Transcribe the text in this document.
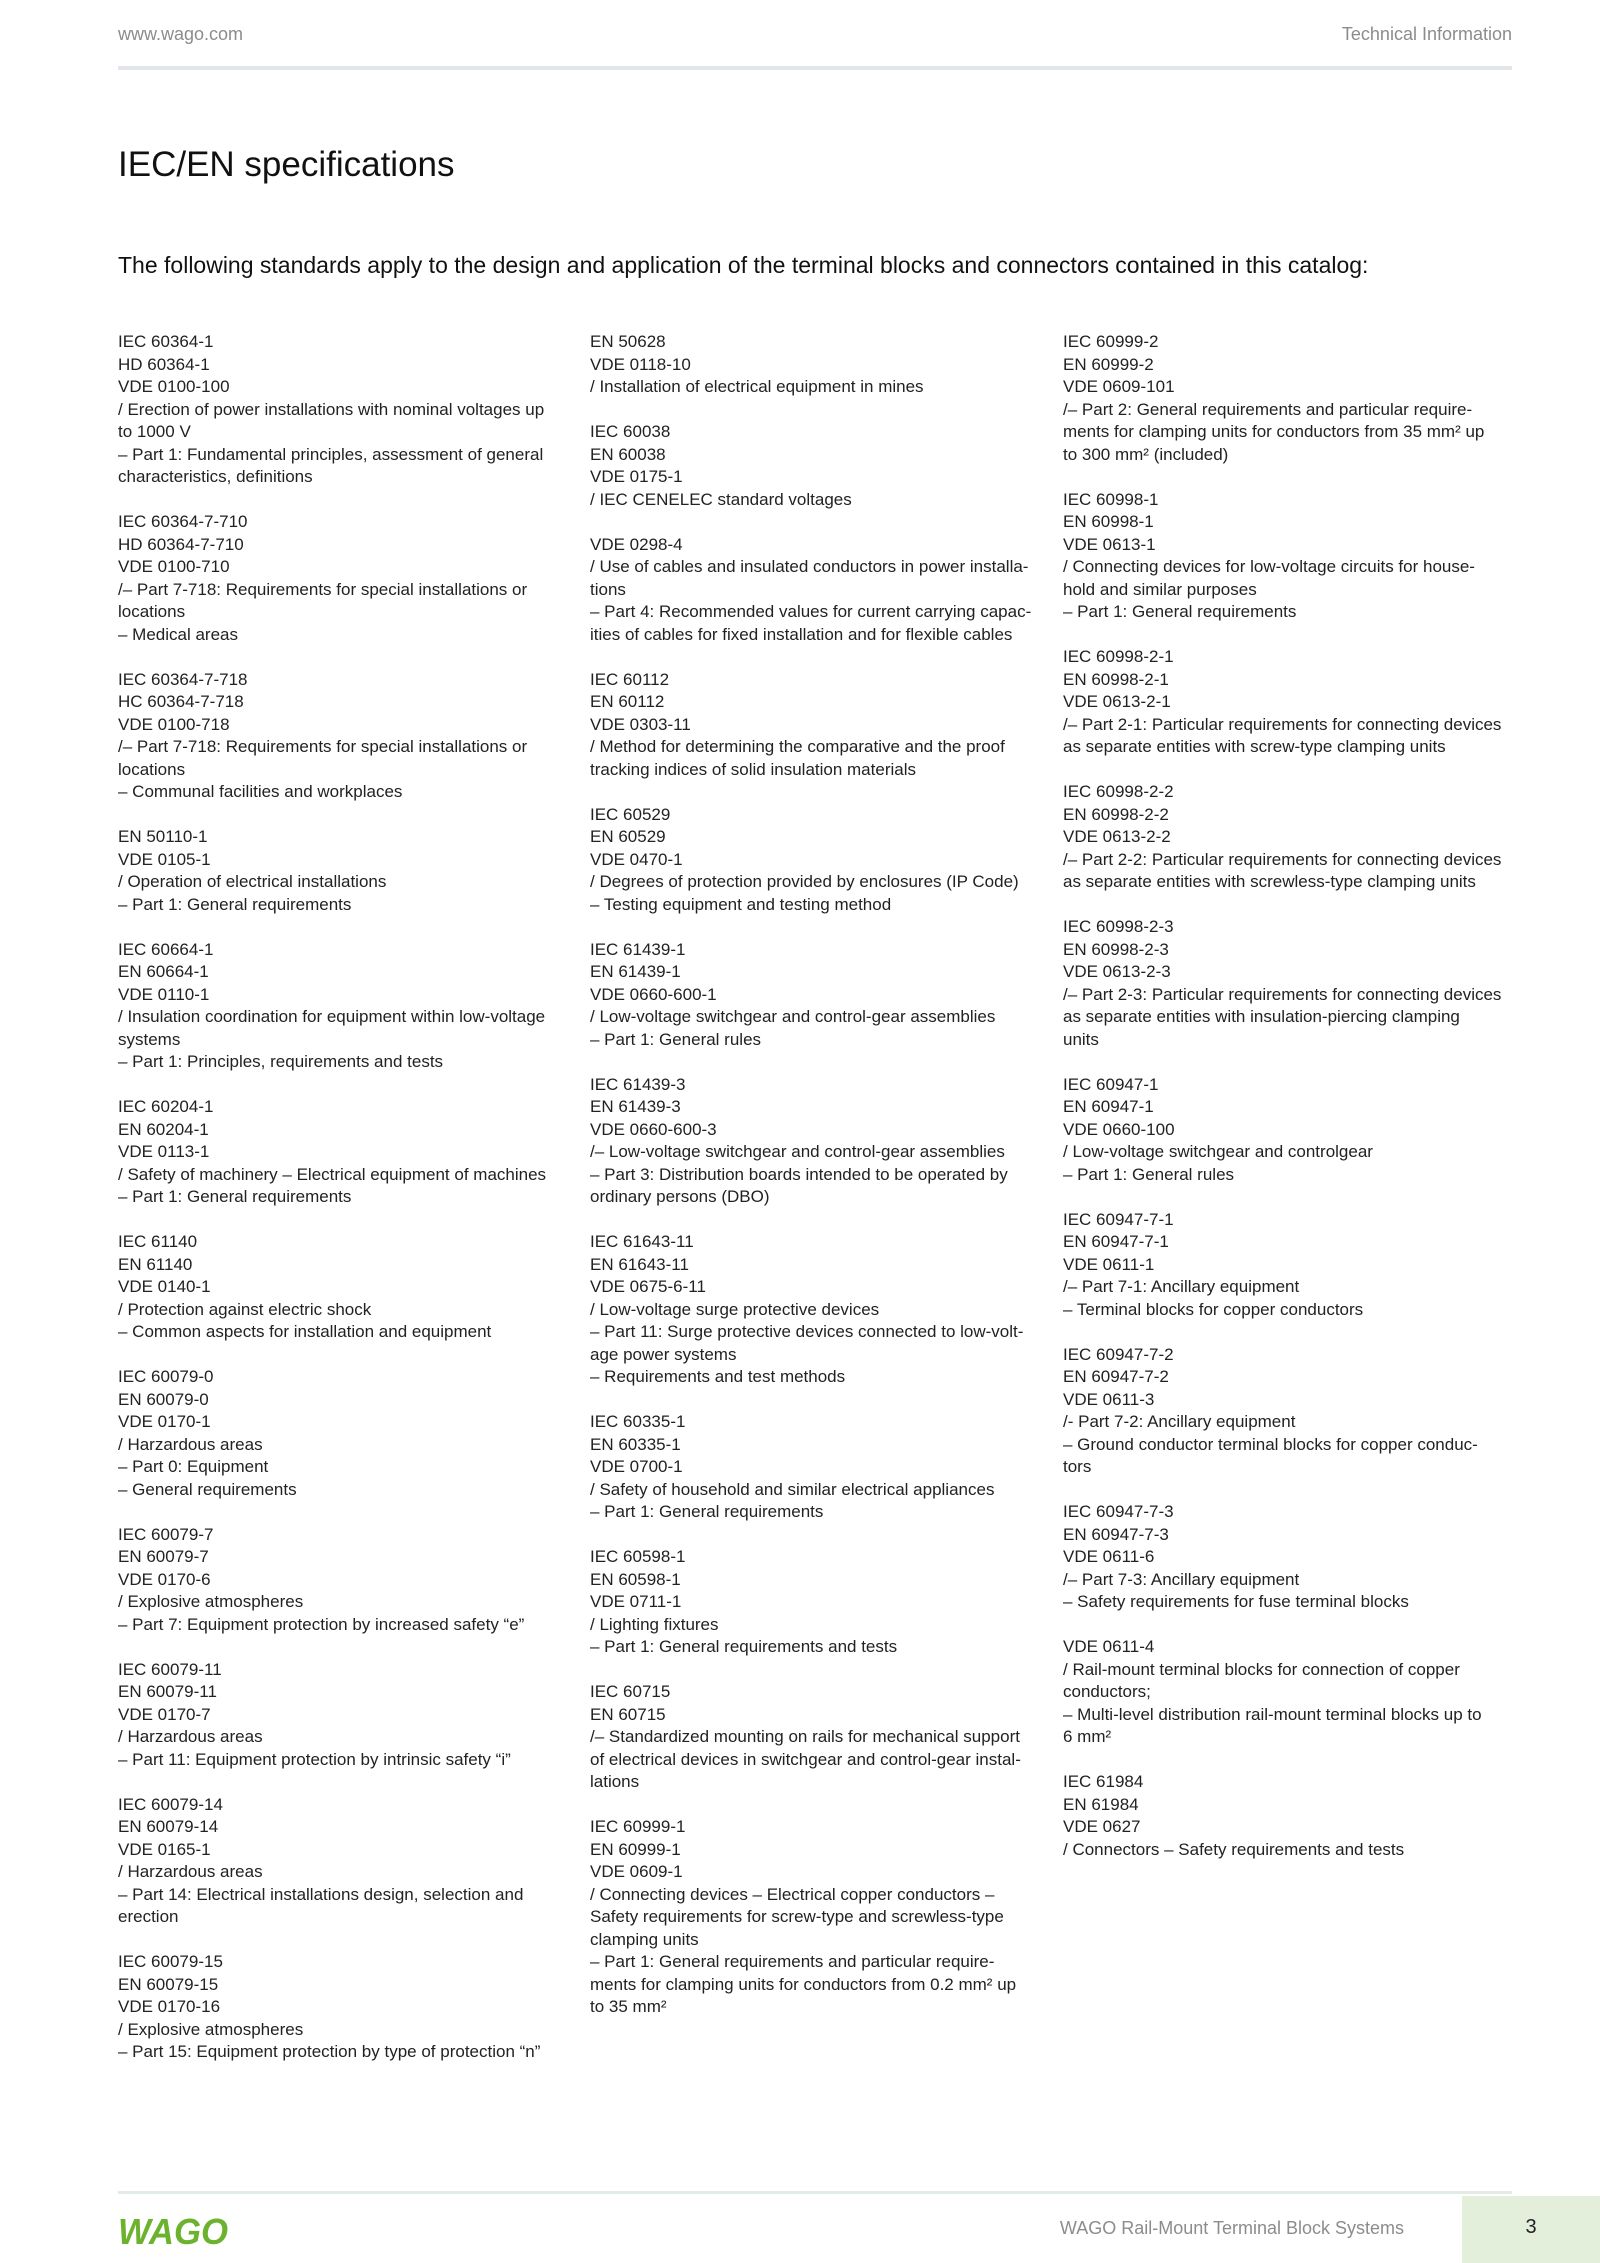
www.wago.com	Technical Information
IEC/EN specifications

The following standards apply to the design and application of the terminal blocks and connectors contained in this catalog:

IEC 60364-1
HD 60364-1
VDE 0100-100
/ Erection of power installations with nominal voltages up
to 1000 V
– Part 1: Fundamental principles, assessment of general
characteristics, definitions
IEC 60364-7-710
HD 60364-7-710
VDE 0100-710
/– Part 7-718: Requirements for special installations or
locations
– Medical areas
IEC 60364-7-718
HC 60364-7-718
VDE 0100-718
/– Part 7-718: Requirements for special installations or
locations
– Communal facilities and workplaces
EN 50110-1
VDE 0105-1
/ Operation of electrical installations
– Part 1: General requirements
IEC 60664-1
EN 60664-1
VDE 0110-1
/ Insulation coordination for equipment within low-voltage
systems
– Part 1: Principles, requirements and tests
IEC 60204-1
EN 60204-1
VDE 0113-1
/ Safety of machinery – Electrical equipment of machines
– Part 1: General requirements
IEC 61140
EN 61140
VDE 0140-1
/ Protection against electric shock
– Common aspects for installation and equipment
IEC 60079-0
EN 60079-0
VDE 0170-1
/ Harzardous areas
– Part 0: Equipment
– General requirements
IEC 60079-7
EN 60079-7
VDE 0170-6
/ Explosive atmospheres
– Part 7: Equipment protection by increased safety “e”
IEC 60079-11
EN 60079-11
VDE 0170-7
/ Harzardous areas
– Part 11: Equipment protection by intrinsic safety “i”
IEC 60079-14
EN 60079-14
VDE 0165-1
/ Harzardous areas
– Part 14: Electrical installations design, selection and
erection
IEC 60079-15
EN 60079-15
VDE 0170-16
/ Explosive atmospheres
– Part 15: Equipment protection by type of protection “n”
EN 50628
VDE 0118-10
/ Installation of electrical equipment in mines
IEC 60038
EN 60038
VDE 0175-1
/ IEC CENELEC standard voltages
VDE 0298-4
/ Use of cables and insulated conductors in power installa-
tions
– Part 4: Recommended values for current carrying capac-
ities of cables for fixed installation and for flexible cables
IEC 60112
EN 60112
VDE 0303-11
/ Method for determining the comparative and the proof
tracking indices of solid insulation materials
IEC 60529
EN 60529
VDE 0470-1
/ Degrees of protection provided by enclosures (IP Code)
– Testing equipment and testing method
IEC 61439-1
EN 61439-1
VDE 0660-600-1
/ Low-voltage switchgear and control-gear assemblies
– Part 1: General rules
IEC 61439-3
EN 61439-3
VDE 0660-600-3
/– Low-voltage switchgear and control-gear assemblies
– Part 3: Distribution boards intended to be operated by
ordinary persons (DBO)
IEC 61643-11
EN 61643-11
VDE 0675-6-11
/ Low-voltage surge protective devices
– Part 11: Surge protective devices connected to low-volt-
age power systems
– Requirements and test methods
IEC 60335-1
EN 60335-1
VDE 0700-1
/ Safety of household and similar electrical appliances
– Part 1: General requirements
IEC 60598-1
EN 60598-1
VDE 0711-1
/ Lighting fixtures
– Part 1: General requirements and tests
IEC 60715
EN 60715
/– Standardized mounting on rails for mechanical support
of electrical devices in switchgear and control-gear instal-
lations
IEC 60999-1
EN 60999-1
VDE 0609-1
/ Connecting devices – Electrical copper conductors –
Safety requirements for screw-type and screwless-type
clamping units
– Part 1: General requirements and particular require-
ments for clamping units for conductors from 0.2 mm² up
to 35 mm²
IEC 60999-2
EN 60999-2
VDE 0609-101
/– Part 2: General requirements and particular require-
ments for clamping units for conductors from 35 mm² up
to 300 mm² (included)
IEC 60998-1
EN 60998-1
VDE 0613-1
/ Connecting devices for low-voltage circuits for house-
hold and similar purposes
– Part 1: General requirements
IEC 60998-2-1
EN 60998-2-1
VDE 0613-2-1
/– Part 2-1: Particular requirements for connecting devices
as separate entities with screw-type clamping units
IEC 60998-2-2
EN 60998-2-2
VDE 0613-2-2
/– Part 2-2: Particular requirements for connecting devices
as separate entities with screwless-type clamping units
IEC 60998-2-3
EN 60998-2-3
VDE 0613-2-3
/– Part 2-3: Particular requirements for connecting devices
as separate entities with insulation-piercing clamping
units
IEC 60947-1
EN 60947-1
VDE 0660-100
/ Low-voltage switchgear and controlgear
– Part 1: General rules
IEC 60947-7-1
EN 60947-7-1
VDE 0611-1
/– Part 7-1: Ancillary equipment
– Terminal blocks for copper conductors
IEC 60947-7-2
EN 60947-7-2
VDE 0611-3
/- Part 7-2: Ancillary equipment
– Ground conductor terminal blocks for copper conduc-
tors
IEC 60947-7-3
EN 60947-7-3
VDE 0611-6
/– Part 7-3: Ancillary equipment
– Safety requirements for fuse terminal blocks
VDE 0611-4
/ Rail-mount terminal blocks for connection of copper
conductors;
– Multi-level distribution rail-mount terminal blocks up to
6 mm²
IEC 61984
EN 61984
VDE 0627
/ Connectors – Safety requirements and tests
WAGO	WAGO Rail-Mount Terminal Block Systems	3
